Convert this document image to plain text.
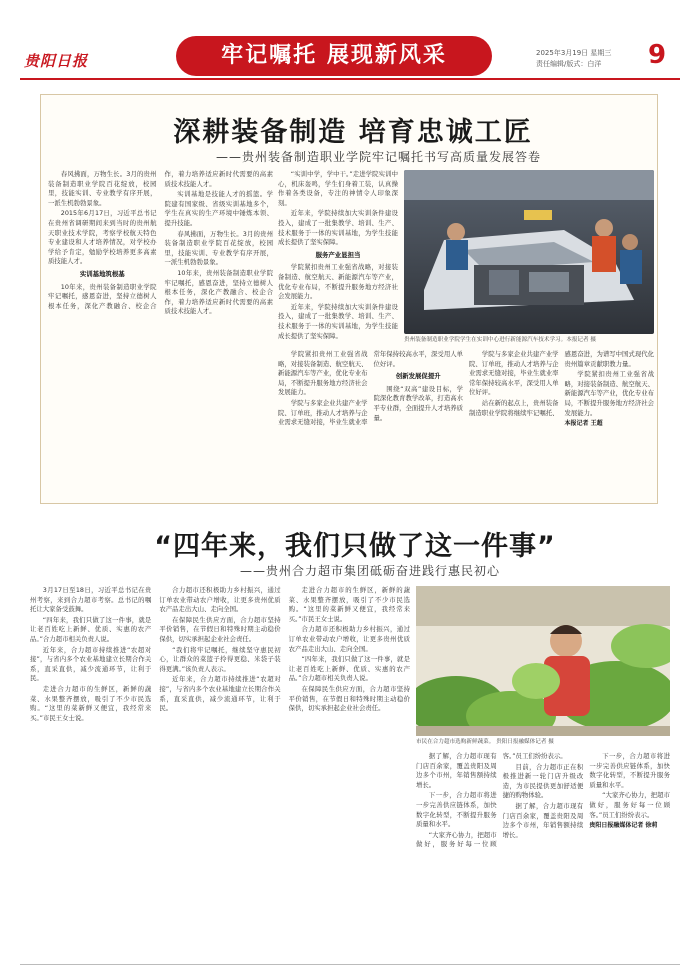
贵阳日报	牢记嘱托 展现新风采	2025年3月19日 星期三
责任编辑/版式：白洋	9
深耕装备制造 培育忠诚工匠
——贵州装备制造职业学院牢记嘱托书写高质量发展答卷

春风拂面，万物生长。3月的贵州装备制造职业学院百花绽放，校园里，技能实训、专业教学有序开展，一派生机勃勃景象。

2015年6月17日，习近平总书记在贵州省调研期间来到当时的贵州航天职业技术学院，考察学校航天特色专业建设和人才培养情况，对学校办学给予肯定，勉励学校培养更多高素质技能人才。

实训基地筑根基

10年来，贵州装备制造职业学院牢记嘱托，感恩奋进，坚持立德树人根本任务，深化产教融合、校企合作，着力培养适应新时代需要的高素质技术技能人才。

实训基地是技能人才的摇篮。学院建有国家级、省级实训基地多个，学生在真实的生产环境中锤炼本领、提升技能。

春风拂面，万物生长。3月的贵州装备制造职业学院百花绽放，校园里，技能实训、专业教学有序开展，一派生机勃勃景象。

10年来，贵州装备制造职业学院牢记嘱托，感恩奋进，坚持立德树人根本任务，深化产教融合、校企合作，着力培养适应新时代需要的高素质技术技能人才。

“实训中学，学中干。”走进学院实训中心，机床轰鸣，学生们身着工装，认真操作着各类设备，专注的神情令人印象深刻。

近年来，学院持续加大实训条件建设投入，建成了一批集教学、培训、生产、技术服务于一体的实训基地，为学生技能成长提供了坚实保障。

服务产业显担当

学院紧扣贵州工业强省战略，对接装备制造、航空航天、新能源汽车等产业，优化专业布局，不断提升服务地方经济社会发展能力。

近年来，学院持续加大实训条件建设投入，建成了一批集教学、培训、生产、技术服务于一体的实训基地，为学生技能成长提供了坚实保障。

贵州装备制造职业学院学生在实训中心进行新能源汽车技术学习。本报记者 摄

学院紧扣贵州工业强省战略，对接装备制造、航空航天、新能源汽车等产业，优化专业布局，不断提升服务地方经济社会发展能力。

学院与多家企业共建产业学院、订单班，推动人才培养与企业需求无缝对接，毕业生就业率常年保持较高水平，深受用人单位好评。

创新发展促提升

围绕“双高”建设目标，学院深化教育教学改革，打造高水平专业群，全面提升人才培养质量。

学院与多家企业共建产业学院、订单班，推动人才培养与企业需求无缝对接，毕业生就业率常年保持较高水平，深受用人单位好评。

站在新的起点上，贵州装备制造职业学院将继续牢记嘱托、感恩奋进，为谱写中国式现代化贵州篇章贡献职教力量。

学院紧扣贵州工业强省战略，对接装备制造、航空航天、新能源汽车等产业，优化专业布局，不断提升服务地方经济社会发展能力。

本报记者 王超

“四年来，我们只做了这一件事”
——贵州合力超市集团砥砺奋进践行惠民初心

3月17日至18日，习近平总书记在贵州考察，来到合力超市考察。总书记的嘱托让大家备受鼓舞。

“四年来，我们只做了这一件事，就是让老百姓吃上新鲜、优质、实惠的农产品。”合力超市相关负责人说。

近年来，合力超市持续推进“农超对接”，与省内多个农业基地建立长期合作关系，直采直供，减少流通环节，让利于民。

走进合力超市的生鲜区，新鲜的蔬菜、水果整齐摆放，吸引了不少市民选购。“这里的菜新鲜又便宜，我经常来买。”市民王女士说。

合力超市还积极助力乡村振兴，通过订单农业带动农户增收，让更多贵州优质农产品走出大山、走向全国。

在保障民生供应方面，合力超市坚持平价销售，在节假日和特殊时期主动稳价保供，切实承担起企业社会责任。

“我们将牢记嘱托，继续坚守惠民初心，让群众的菜篮子拎得更稳、米袋子装得更满。”该负责人表示。

近年来，合力超市持续推进“农超对接”，与省内多个农业基地建立长期合作关系，直采直供，减少流通环节，让利于民。

走进合力超市的生鲜区，新鲜的蔬菜、水果整齐摆放，吸引了不少市民选购。“这里的菜新鲜又便宜，我经常来买。”市民王女士说。

合力超市还积极助力乡村振兴，通过订单农业带动农户增收，让更多贵州优质农产品走出大山、走向全国。

“四年来，我们只做了这一件事，就是让老百姓吃上新鲜、优质、实惠的农产品。”合力超市相关负责人说。

在保障民生供应方面，合力超市坚持平价销售，在节假日和特殊时期主动稳价保供，切实承担起企业社会责任。

市民在合力超市选购新鲜蔬菜。 贵阳日报融媒体记者 摄

据了解，合力超市现有门店百余家，覆盖贵阳及周边多个市州，年销售额持续增长。

下一步，合力超市将进一步完善供应链体系，加快数字化转型，不断提升服务质量和水平。

“大家齐心协力，把超市做好，服务好每一位顾客。”员工们纷纷表示。

目前，合力超市正在积极推进新一轮门店升级改造，为市民提供更加舒适便捷的购物体验。

据了解，合力超市现有门店百余家，覆盖贵阳及周边多个市州，年销售额持续增长。

下一步，合力超市将进一步完善供应链体系，加快数字化转型，不断提升服务质量和水平。

“大家齐心协力，把超市做好，服务好每一位顾客。”员工们纷纷表示。

贵阳日报融媒体记者 徐莉
